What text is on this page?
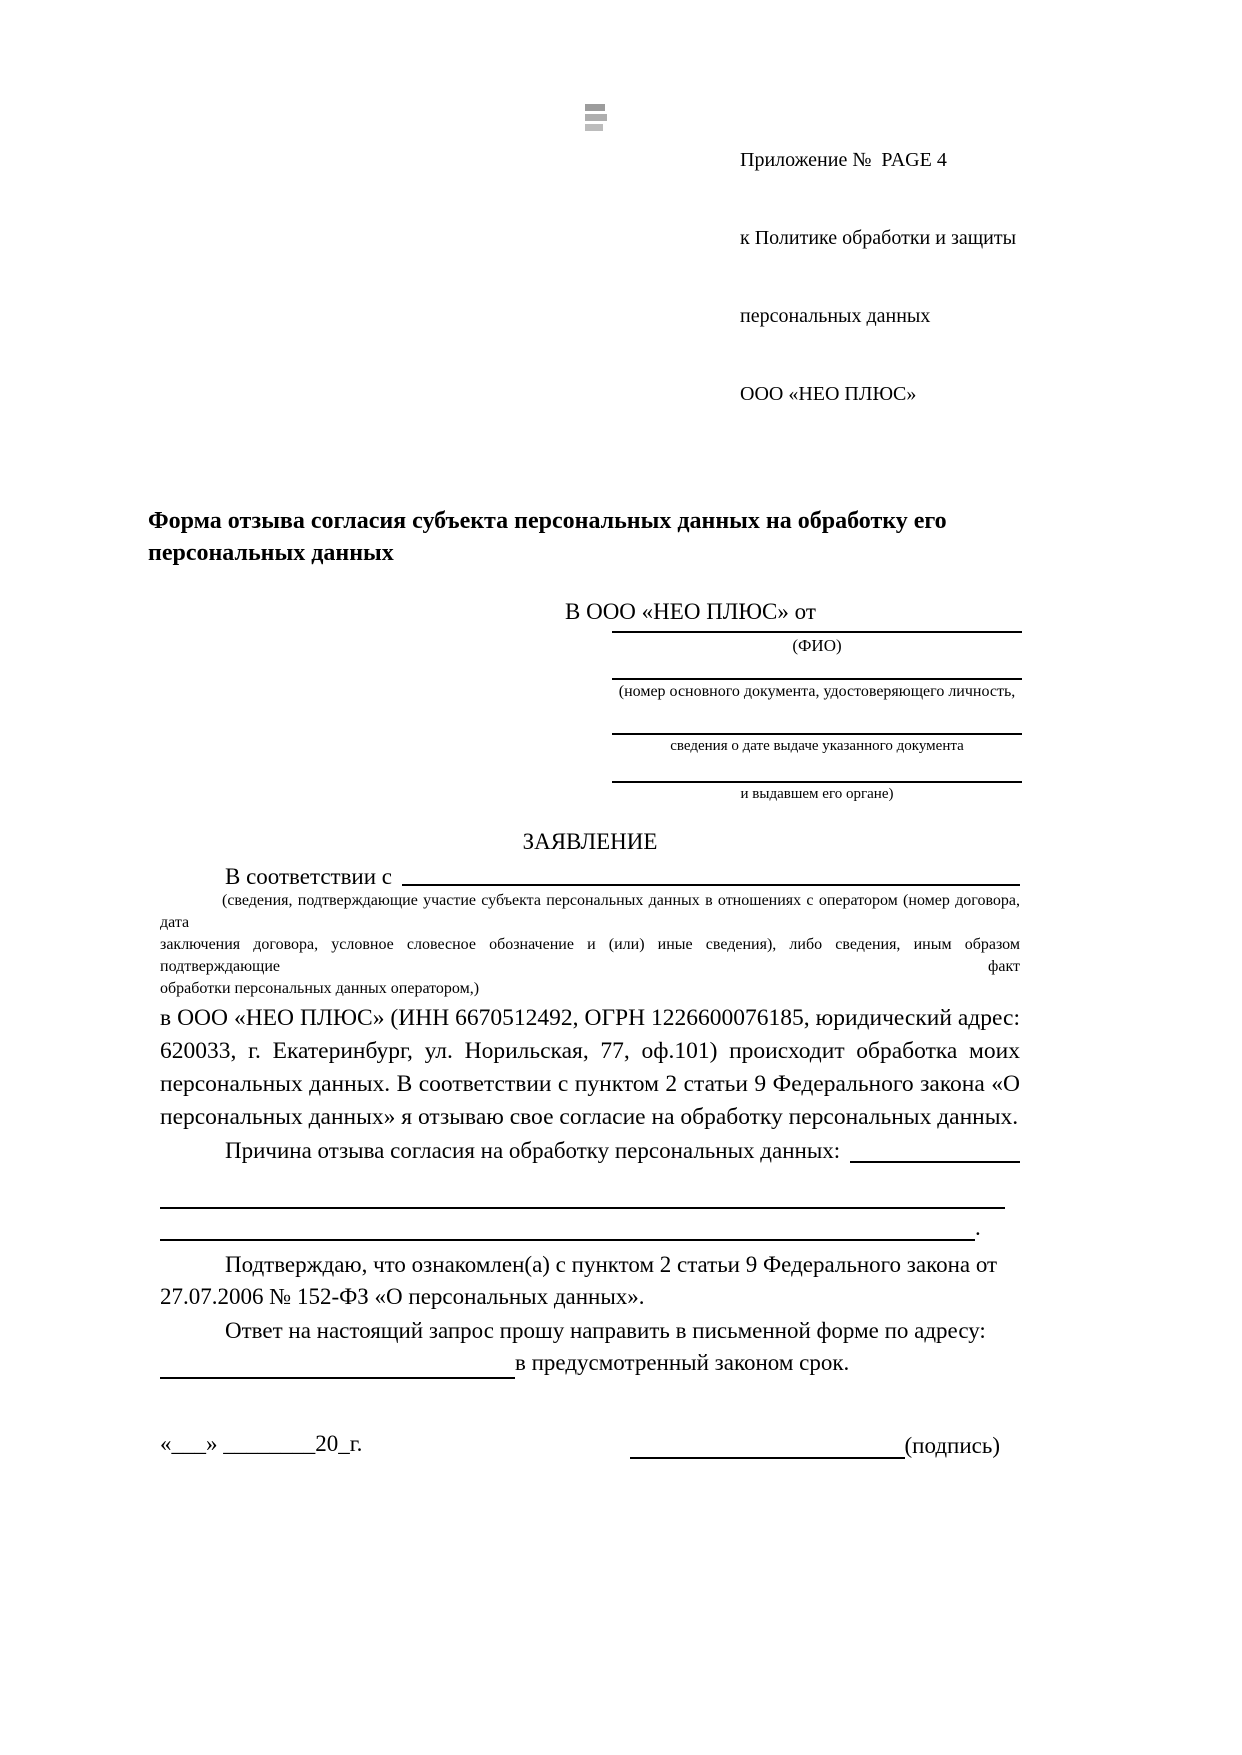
Приложение №  PAGE 4

к Политике обработки и защиты

персональных данных

ООО «НЕО ПЛЮС»

Форма отзыва согласия субъекта персональных данных на обработку его персональных данных
В ООО «НЕО ПЛЮС» от
(ФИО)
(номер основного документа, удостоверяющего личность,
сведения о дате выдаче указанного документа
и выдавшем его органе)
ЗАЯВЛЕНИЕ
В соответствии с
(сведения, подтверждающие участие субъекта персональных данных в отношениях с оператором (номер договора, дата
заключения договора, условное словесное обозначение и (или) иные сведения), либо сведения, иным образом подтверждающие факт
обработки персональных данных оператором,)
в ООО «НЕО ПЛЮС» (ИНН 6670512492, ОГРН 1226600076185, юридический адрес: 620033, г. Екатеринбург, ул. Норильская, 77, оф.101) происходит обработка моих персональных данных. В соответствии с пунктом 2 статьи 9 Федерального закона «О персональных данных» я отзываю свое согласие на обработку персональных данных.
Причина отзыва согласия на обработку персональных данных:
.
Подтверждаю, что ознакомлен(а) с пунктом 2 статьи 9 Федерального закона от 27.07.2006 № 152-ФЗ «О персональных данных».
Ответ на настоящий запрос прошу направить в письменной форме по адресу:
в предусмотренный законом срок.
«___» ________20_г.	(подпись)
